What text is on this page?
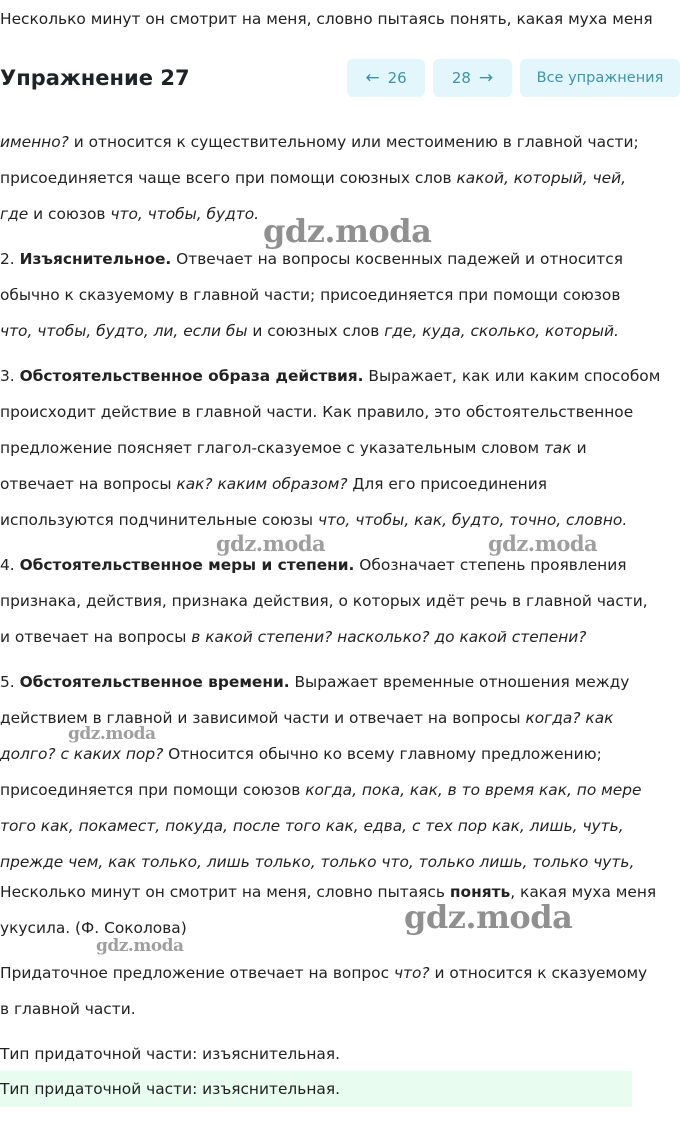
Несколько минут он смотрит на меня, словно пытаясь понять, какая муха меня
именно? и относится к существительному или местоимению в главной части;
присоединяется чаще всего при помощи союзных слов какой, который, чей,
где и союзов что, чтобы, будто.
2. Изъяснительное. Отвечает на вопросы косвенных падежей и относится
обычно к сказуемому в главной части; присоединяется при помощи союзов
что, чтобы, будто, ли, если бы и союзных слов где, куда, сколько, который.
3. Обстоятельственное образа действия. Выражает, как или каким способом
происходит действие в главной части. Как правило, это обстоятельственное
предложение поясняет глагол-сказуемое с указательным словом так и
отвечает на вопросы как? каким образом? Для его присоединения
используются подчинительные союзы что, чтобы, как, будто, точно, словно.
4. Обстоятельственное меры и степени. Обозначает степень проявления
признака, действия, признака действия, о которых идёт речь в главной части,
и отвечает на вопросы в какой степени? насколько? до какой степени?
5. Обстоятельственное времени. Выражает временные отношения между
действием в главной и зависимой части и отвечает на вопросы когда? как
долго? с каких пор? Относится обычно ко всему главному предложению;
присоединяется при помощи союзов когда, пока, как, в то время как, по мере
того как, покамест, покуда, после того как, едва, с тех пор как, лишь, чуть,
прежде чем, как только, лишь только, только что, только лишь, только чуть,
Несколько минут он смотрит на меня, словно пытаясь понять, какая муха меня
укусила. (Ф. Соколова)
Придаточное предложение отвечает на вопрос что? и относится к сказуемому
в главной части.
Тип придаточной части: изъяснительная.
Тип придаточной части: изъяснительная.
Упражнение 27	← 26	28 →	Все упражнения
gdz.moda
gdz.moda	gdz.moda
gdz.moda
gdz.moda
gdz.moda
